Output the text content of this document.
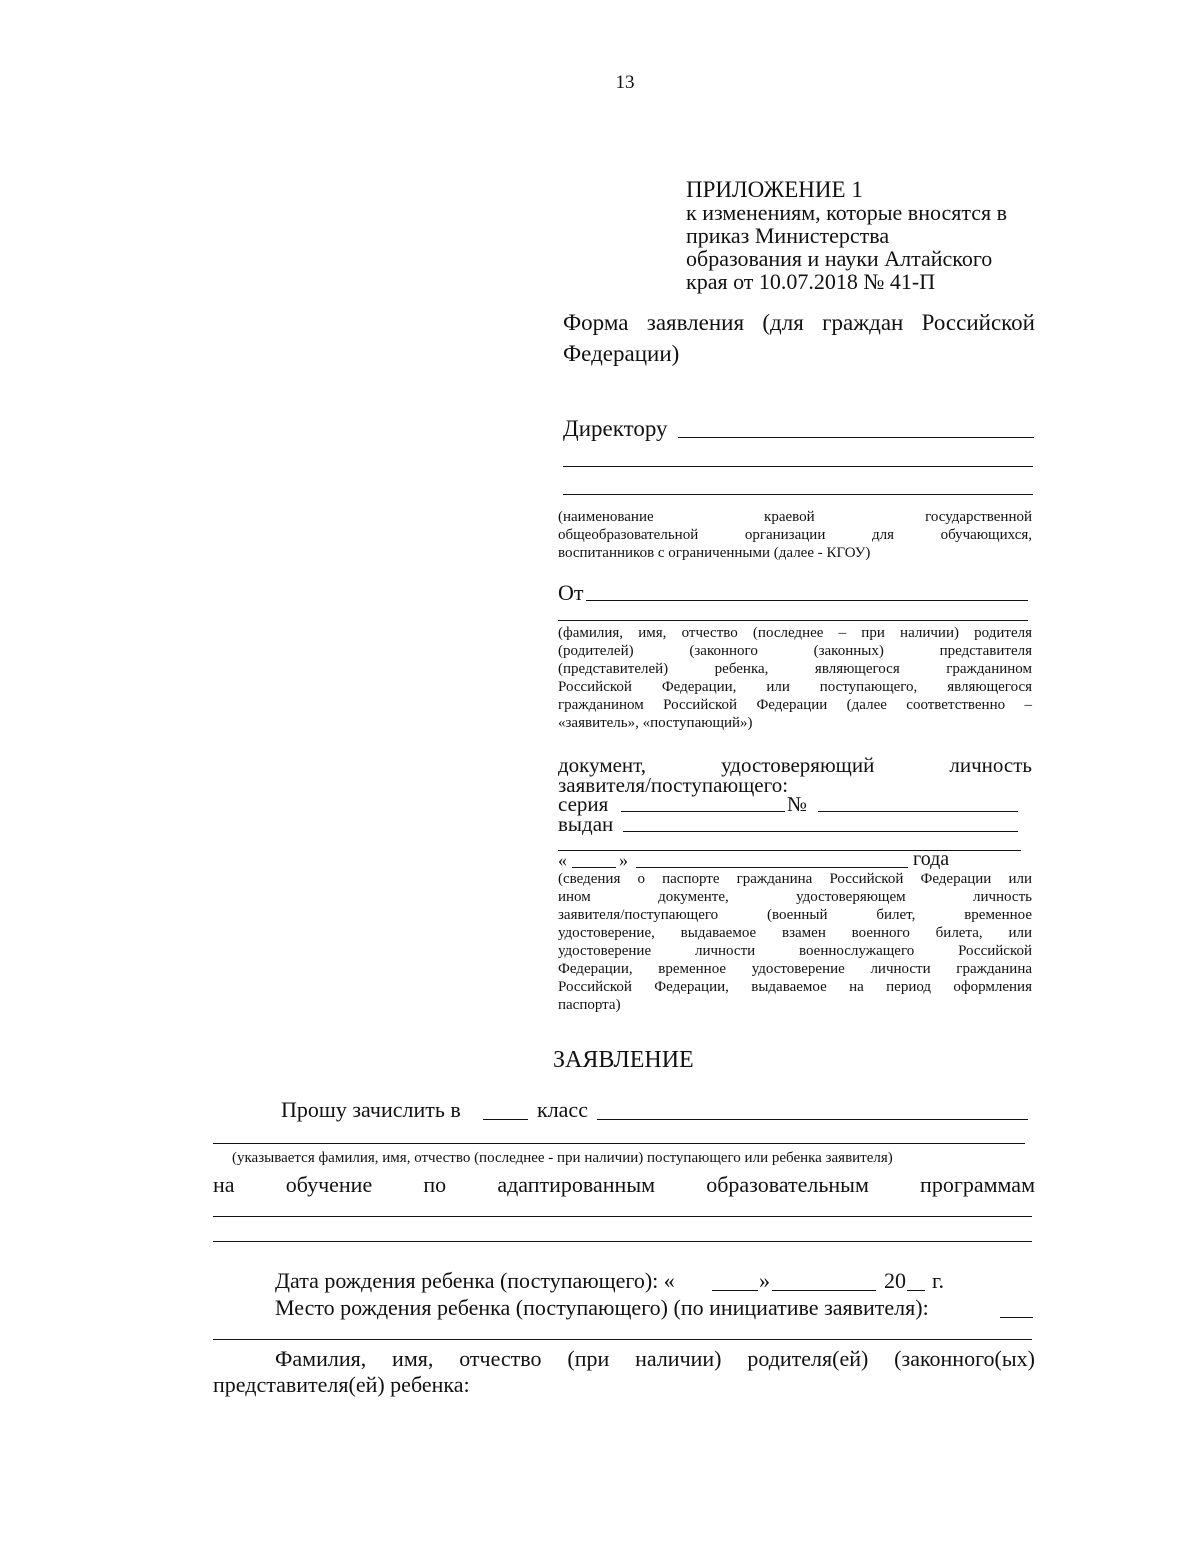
13
ПРИЛОЖЕНИЕ 1
к изменениям, которые вносятся в
приказ Министерства
образования и науки Алтайского
края от 10.07.2018 № 41-П
Форма заявления (для граждан Российской
Федерации)
Директору
(наименование краевой государственной
общеобразовательной организации для обучающихся,
воспитанников с ограниченными (далее - КГОУ)
От
(фамилия, имя, отчество (последнее – при наличии) родителя
(родителей) (законного (законных) представителя
(представителей) ребенка, являющегося гражданином
Российской Федерации, или поступающего, являющегося
гражданином Российской Федерации (далее соответственно –
«заявитель», «поступающий»)
документ, удостоверяющий личность
заявителя/поступающего:
серия	№
выдан
«	»	года
(сведения о паспорте гражданина Российской Федерации или
ином документе, удостоверяющем личность
заявителя/поступающего (военный билет, временное
удостоверение, выдаваемое взамен военного билета, или
удостоверение личности военнослужащего Российской
Федерации, временное удостоверение личности гражданина
Российской Федерации, выдаваемое на период оформления
паспорта)
ЗАЯВЛЕНИЕ
Прошу зачислить в	класс
(указывается фамилия, имя, отчество (последнее - при наличии) поступающего или ребенка заявителя)
на обучение по адаптированным образовательным программам
Дата рождения ребенка (поступающего): «	»	20 г.
Место рождения ребенка (поступающего) (по инициативе заявителя):
Фамилия, имя, отчество (при наличии) родителя(ей) (законного(ых)
представителя(ей) ребенка:
